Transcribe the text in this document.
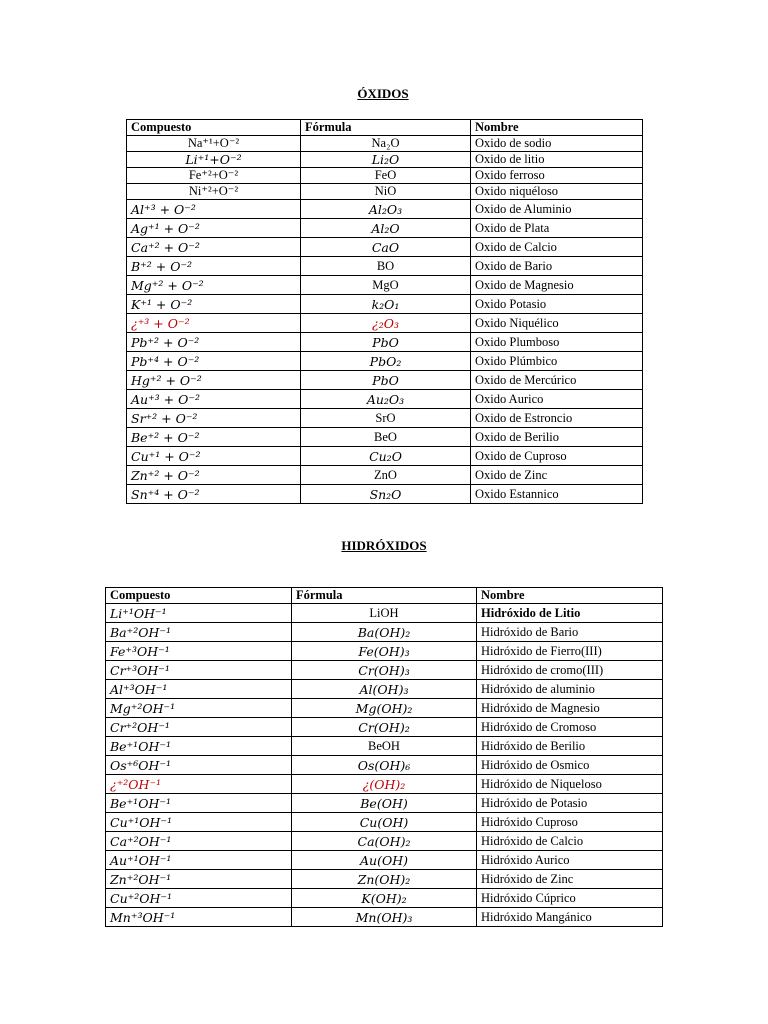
ÓXIDOS
Compuesto	Fórmula	Nombre
Na⁺¹+O⁻²	Na₂O	Oxido de sodio
Li⁺¹+O⁻²	Li₂O	Oxido de litio
Fe⁺²+O⁻²	FeO	Oxido ferroso
Ni⁺²+O⁻²	NiO	Oxido niquéloso
Al⁺³ + O⁻²	Al₂O₃	Oxido de Aluminio
Ag⁺¹ + O⁻²	Al₂O	Oxido de Plata
Ca⁺² + O⁻²	CaO	Oxido de Calcio
B⁺² + O⁻²	BO	Oxido de Bario
Mg⁺² + O⁻²	MgO	Oxido de Magnesio
K⁺¹ + O⁻²	k₂O₁	Oxido Potasio
¿⁺³ + O⁻²	¿₂O₃	Oxido Niquélico
Pb⁺² + O⁻²	PbO	Oxido Plumboso
Pb⁺⁴ + O⁻²	PbO₂	Oxido Plúmbico
Hg⁺² + O⁻²	PbO	Oxido de Mercúrico
Au⁺³ + O⁻²	Au₂O₃	Oxido Aurico
Sr⁺² + O⁻²	SrO	Oxido de Estroncio
Be⁺² + O⁻²	BeO	Oxido de Berilio
Cu⁺¹ + O⁻²	Cu₂O	Oxido de Cuproso
Zn⁺² + O⁻²	ZnO	Oxido de Zinc
Sn⁺⁴ + O⁻²	Sn₂O	Oxido Estannico
HIDRÓXIDOS
Compuesto	Fórmula	Nombre
Li⁺¹OH⁻¹	LiOH	Hidróxido de Litio
Ba⁺²OH⁻¹	Ba(OH)₂	Hidróxido de Bario
Fe⁺³OH⁻¹	Fe(OH)₃	Hidróxido de Fierro(III)
Cr⁺³OH⁻¹	Cr(OH)₃	Hidróxido de cromo(III)
Al⁺³OH⁻¹	Al(OH)₃	Hidróxido de aluminio
Mg⁺²OH⁻¹	Mg(OH)₂	Hidróxido de Magnesio
Cr⁺²OH⁻¹	Cr(OH)₂	Hidróxido de Cromoso
Be⁺¹OH⁻¹	BeOH	Hidróxido de Berilio
Os⁺⁶OH⁻¹	Os(OH)₆	Hidróxido de Osmico
¿⁺²OH⁻¹	¿(OH)₂	Hidróxido de Niqueloso
Be⁺¹OH⁻¹	Be(OH)	Hidróxido de Potasio
Cu⁺¹OH⁻¹	Cu(OH)	Hidróxido Cuproso
Ca⁺²OH⁻¹	Ca(OH)₂	Hidróxido de Calcio
Au⁺¹OH⁻¹	Au(OH)	Hidróxido Aurico
Zn⁺²OH⁻¹	Zn(OH)₂	Hidróxido de Zinc
Cu⁺²OH⁻¹	K(OH)₂	Hidróxido Cúprico
Mn⁺³OH⁻¹	Mn(OH)₃	Hidróxido Mangánico
